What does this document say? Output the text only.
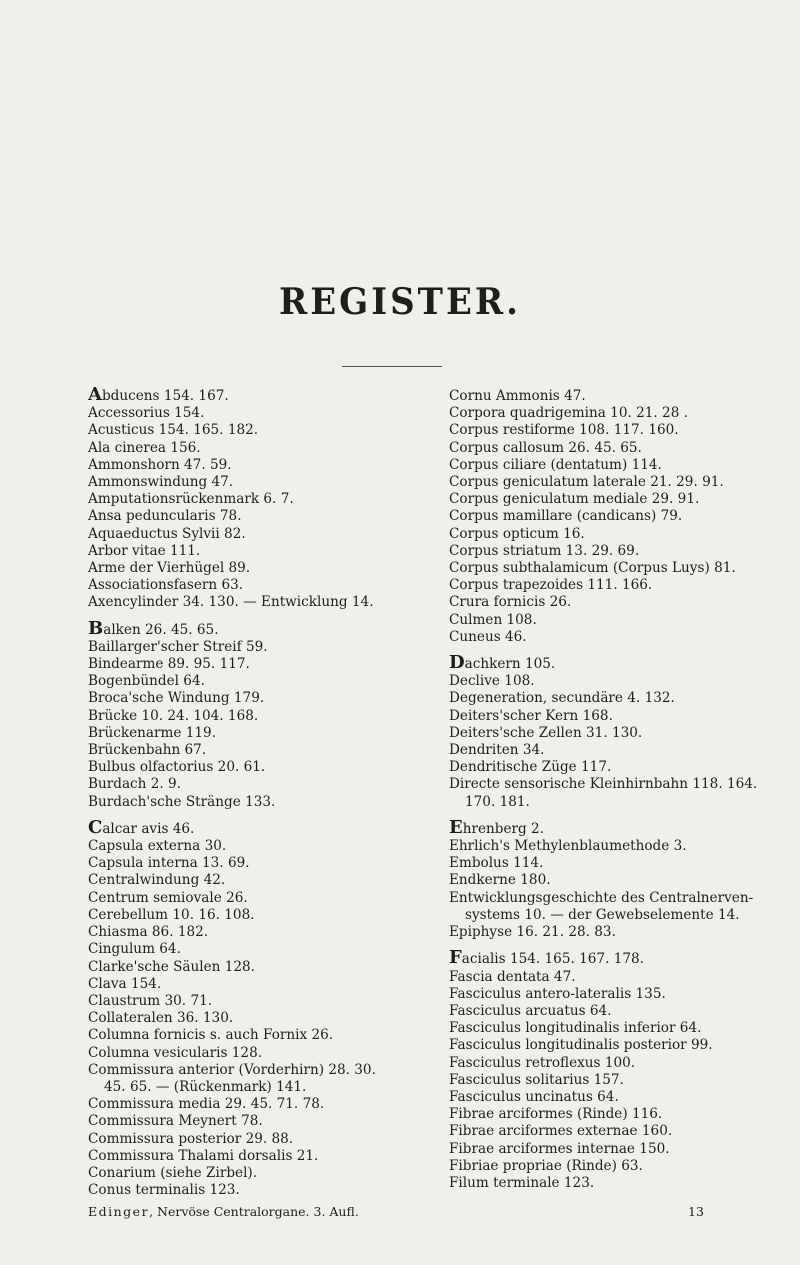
REGISTER.
Abducens 154. 167.
Accessorius 154.
Acusticus 154. 165. 182.
Ala cinerea 156.
Ammonshorn 47. 59.
Ammonswindung 47.
Amputationsrückenmark 6. 7.
Ansa peduncularis 78.
Aquaeductus Sylvii 82.
Arbor vitae 111.
Arme der Vierhügel 89.
Associationsfasern 63.
Axencylinder 34. 130. — Entwicklung 14.
Balken 26. 45. 65.
Baillarger'scher Streif 59.
Bindearme 89. 95. 117.
Bogenbündel 64.
Broca'sche Windung 179.
Brücke 10. 24. 104. 168.
Brückenarme 119.
Brückenbahn 67.
Bulbus olfactorius 20. 61.
Burdach 2. 9.
Burdach'sche Stränge 133.
Calcar avis 46.
Capsula externa 30.
Capsula interna 13. 69.
Centralwindung 42.
Centrum semiovale 26.
Cerebellum 10. 16. 108.
Chiasma 86. 182.
Cingulum 64.
Clarke'sche Säulen 128.
Clava 154.
Claustrum 30. 71.
Collateralen 36. 130.
Columna fornicis s. auch Fornix 26.
Columna vesicularis 128.
Commissura anterior (Vorderhirn) 28. 30.
45. 65. — (Rückenmark) 141.
Commissura media 29. 45. 71. 78.
Commissura Meynert 78.
Commissura posterior 29. 88.
Commissura Thalami dorsalis 21.
Conarium (siehe Zirbel).
Conus terminalis 123.
Cornu Ammonis 47.
Corpora quadrigemina 10. 21. 28 .
Corpus restiforme 108. 117. 160.
Corpus callosum 26. 45. 65.
Corpus ciliare (dentatum) 114.
Corpus geniculatum laterale 21. 29. 91.
Corpus geniculatum mediale 29. 91.
Corpus mamillare (candicans) 79.
Corpus opticum 16.
Corpus striatum 13. 29. 69.
Corpus subthalamicum (Corpus Luys) 81.
Corpus trapezoides 111. 166.
Crura fornicis 26.
Culmen 108.
Cuneus 46.
Dachkern 105.
Declive 108.
Degeneration, secundäre 4. 132.
Deiters'scher Kern 168.
Deiters'sche Zellen 31. 130.
Dendriten 34.
Dendritische Züge 117.
Directe sensorische Kleinhirnbahn 118. 164.
170. 181.
Ehrenberg 2.
Ehrlich's Methylenblaumethode 3.
Embolus 114.
Endkerne 180.
Entwicklungsgeschichte des Centralnerven-
systems 10. — der Gewebselemente 14.
Epiphyse 16. 21. 28. 83.
Facialis 154. 165. 167. 178.
Fascia dentata 47.
Fasciculus antero-lateralis 135.
Fasciculus arcuatus 64.
Fasciculus longitudinalis inferior 64.
Fasciculus longitudinalis posterior 99.
Fasciculus retroflexus 100.
Fasciculus solitarius 157.
Fasciculus uncinatus 64.
Fibrae arciformes (Rinde) 116.
Fibrae arciformes externae 160.
Fibrae arciformes internae 150.
Fibriae propriae (Rinde) 63.
Filum terminale 123.
Edinger, Nervöse Centralorgane. 3. Aufl.	13
